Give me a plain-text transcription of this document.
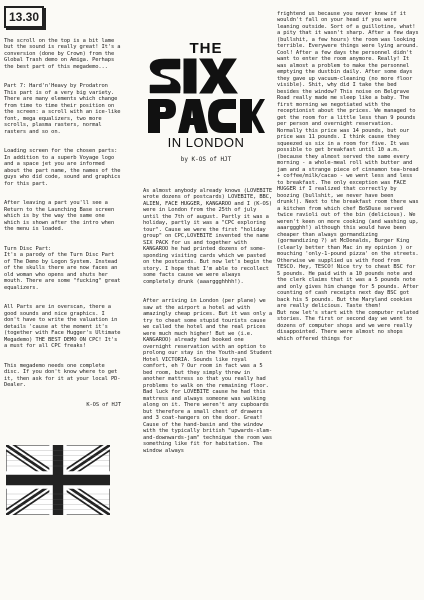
13.30

The scroll on the top is a bit lame but the sound is really great! It's a conversion (done by Crown) from the Global Trash demo on Amiga. Perhaps the best part of this megademo...

Part 7: Hard'n'Heavy by Prodatron
This part is of a very big variety. There are many elements which change from time to time their position on the screen: a scroll with an ice-like font, mega equalizers, two more scrolls, plasma rasters, normal rasters and so on.

Loading screen for the chosen parts:
In addition to a superb Voyage logo and a space jet you are informed about the part name, the names of the guys who did code, sound and graphics for this part.

After leaving a part you'll see a Return to the Launching Base screen which is by the way the same one which is shown after the intro when the menu is loaded.

Turn Disc Part:
It's a parody of the Turn Disc Part of The Demo by Logon System. Instead of the skulls there are now faces an old woman who opens and shuts her mouth. There are some "fucking" great equalizers.

All Parts are in overscan, there a good sounds and nice graphics. I don't have to write the valuation in details 'cause at the moment it's (together with Face Hugger's Ultimate Megademo) THE BEST DEMO ON CPC! It's a must for all CPC freaks!

This megademo needs one complete disc. If you don't know where to get it, then ask for it at your local PD-Dealer.

K-OS of HJT

THE
IN LONDON
by K-OS of HJT

As almost anybody already knows (LOVEBITE wrote dozens of postcards) LOVEBITE, BBC, ALIEN, FACE HUGGER, KANGAROO and I (K-OS) were in London from the 25th of july until the 7th of august. Partly it was a holiday, partly it was a "CPC exploring tour". Cause we were the first "holiday group" on CPC,LOVEBITE invented the name SIX PACK for us and together with KANGAROO he had printed dozens of some-sponding visiting cards which we pasted on the postcards. But now let's begin the story. I hope that I'm able to recollect some facts cause we were always completely drunk (aaarggghhhh!).

After arriving in London (per plane) we saw at the airport a hotel ad with amazingly cheap prices. But it was only a try to cheat some stupid tourists cause we called the hotel and the real prices were much much higher! But we (i.e. KANGAROO) already had booked one overnight reservation with an option to prolong our stay in the Youth-and Student Hotel VICTORIA. Sounds like royal comfort, eh ? Our room in fact was a 5 bed room, but they simply threw in another mattress so that you really had problems to walk on the remaining floor. Bad luck for LOVEBITE cause he had this mattress and always someone was walking along on it. There weren't any cupboards but therefore a small chest of drawers and 3 coat-hangers on the door. Great! Cause of the hand-basin and the window with the typically british "upwards-slam-and-downwards-jam" technique the room was something like fit for habitation. The window always

frightend us because you never knew if it wouldn't fall on your head if you were leaning outside. Sort of a guillotine, what!
a pity that it wasn't sharp. After a few days (bullshit, a few hours) the room was looking terrible. Everywere things were lying around. Cool! After a few days the personnel didn't want to enter the room anymore. Really! It was almost a problem to make the personnel emptying the dustbin daily. After some days they gave up vacuum-cleaning (no more floor visible). Shit, why did I take the bed besides the window? This noise on Belgrave Road really made me sleep like a baby. The first morning we negotiated with the receptionist about the prices. We managed to get the room for a little less than 9 pounds per person and overnight reservation. Normally this price was 14 pounds, but our price was 11 pounds. I think cause they squeezed us six in a room for five. It was possible to get breakfast until 10 a.m. (because they almost served the same every morning - a whole-meal roll with butter and jam and a strange piece of cinnamon tea-bread + coffee/milk/cacao - we went less and less to breakfast. The only exception was FACE HUGGER if I realized that correctly by boozing (bullshit, we never have been drunk!). Next to the breakfast room there was a kitchen from which chef BoSDuse served twice ravioli out of the bin (delicious). We weren't keen on more cooking (and washing up, aaarggghh!) although this would have been cheaper than always gormandizing (gormandizing ?) at McDonalds, Burger King (clearly better than Mac in my opinion ) or mouching 'only-1-pound pizza' on the streets. Otherwise we supplied us with food from TESCO. Hey, TESCO! Nice try to cheat BSC for 5 pounds. He paid with a 10 pounds note and the clerk claims that it was a 5 pounds note and only gives him change for 5 pounds. After counting of cash receipts next day BSC got back his 5 pounds. But the Maryland cookies are really delicious. Taste them!
But now let's start with the computer related stories. The first or second day we went to dozens of computer shops and we were really disappointed. There were almost no shops which offered things for
